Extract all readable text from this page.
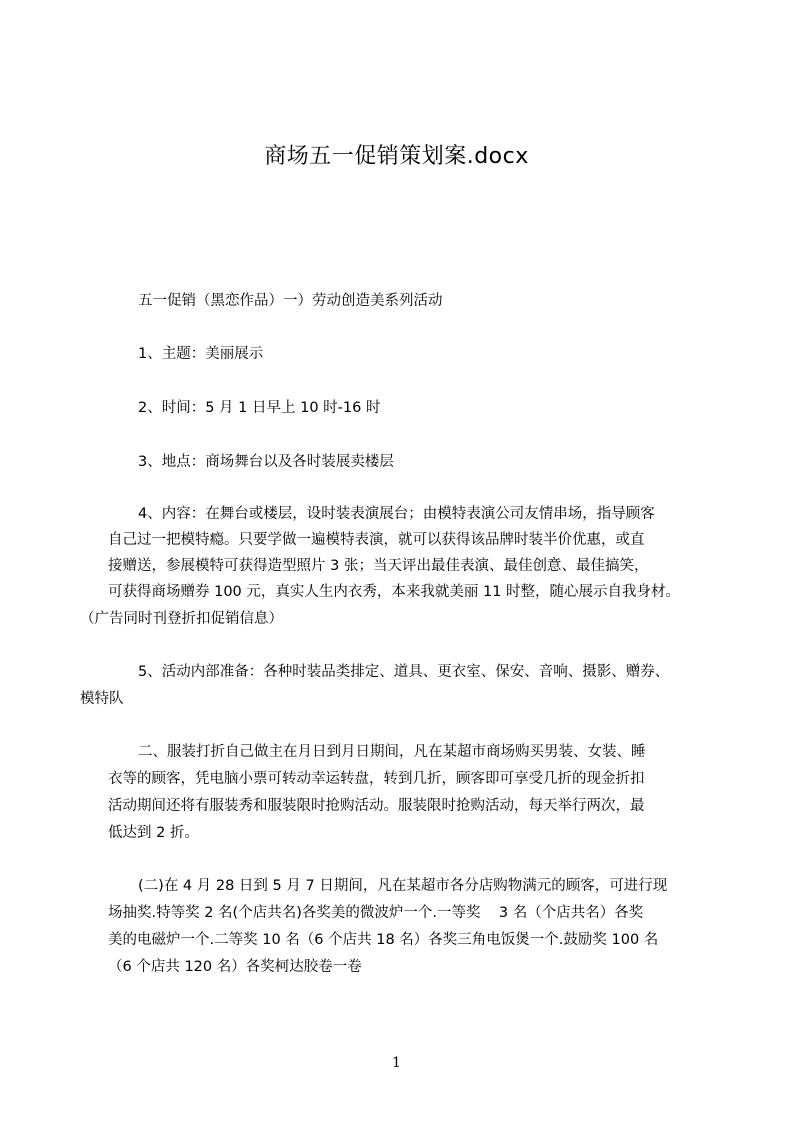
商场五一促销策划案.docx
五一促销（黑恋作品）一）劳动创造美系列活动
1、主题：美丽展示
2、时间：5 月 1 日早上 10 时-16 时
3、地点：商场舞台以及各时装展卖楼层
4、内容：在舞台或楼层，设时装表演展台；由模特表演公司友情串场，指导顾客
自己过一把模特瘾。只要学做一遍模特表演，就可以获得该品牌时装半价优惠，或直
接赠送，参展模特可获得造型照片 3 张；当天评出最佳表演、最佳创意、最佳搞笑，
可获得商场赠券 100 元，真实人生内衣秀，本来我就美丽 11 时整，随心展示自我身材。
（广告同时刊登折扣促销信息）
5、活动内部准备：各种时装品类排定、道具、更衣室、保安、音响、摄影、赠券、
模特队
二、服装打折自己做主在月日到月日期间，凡在某超市商场购买男装、女装、睡
衣等的顾客，凭电脑小票可转动幸运转盘，转到几折，顾客即可享受几折的现金折扣
活动期间还将有服装秀和服装限时抢购活动。服装限时抢购活动，每天举行两次，最
低达到 2 折。
(二)在 4 月 28 日到 5 月 7 日期间，凡在某超市各分店购物满元的顾客，可进行现
场抽奖.特等奖 2 名(个店共名)各奖美的微波炉一个.一等奖    3 名（个店共名）各奖
美的电磁炉一个.二等奖 10 名（6 个店共 18 名）各奖三角电饭煲一个.鼓励奖 100 名
（6 个店共 120 名）各奖柯达胶卷一卷
1
